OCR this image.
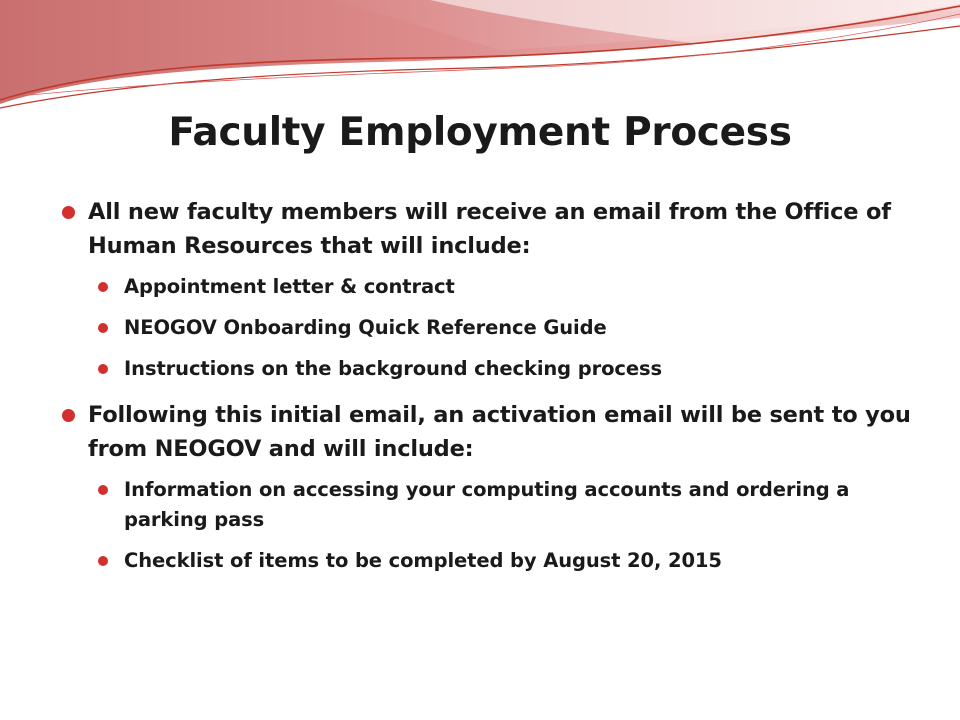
Faculty Employment Process
All new faculty members will receive an email from the Office of Human Resources that will include:
Appointment letter & contract
NEOGOV Onboarding Quick Reference Guide
Instructions on the background checking process
Following this initial email, an activation email will be sent to you from NEOGOV and will include:
Information on accessing your computing accounts and ordering a parking pass
Checklist of items to be completed by August 20, 2015
